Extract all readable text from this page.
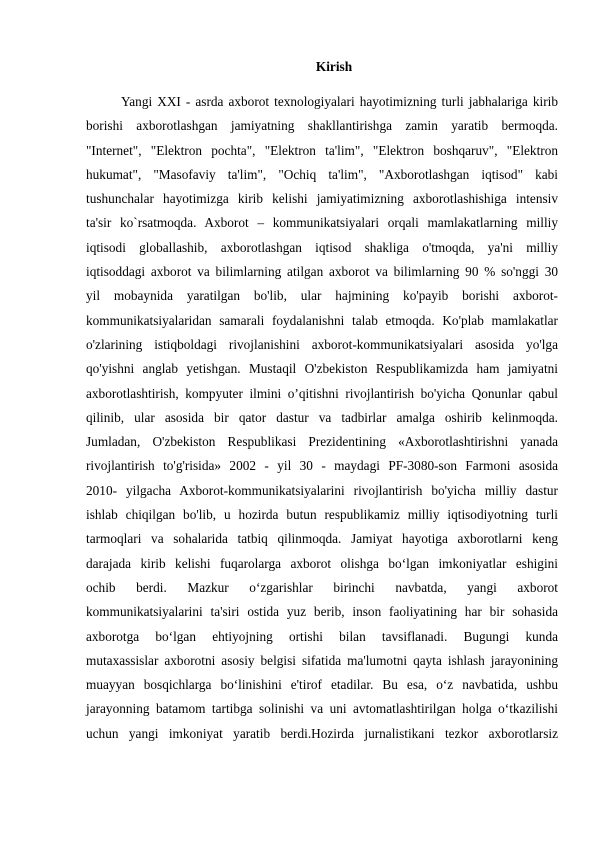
Kirish
Yangi XXI - asrda axborot texnologiyalari hayotimizning turli jabhalariga kirib
borishi axborotlashgan jamiyatning shakllantirishga zamin yaratib bermoqda.
"Internet", "Elektron pochta", "Elektron ta'lim", "Elektron boshqaruv", "Elektron
hukumat", "Masofaviy ta'lim", "Ochiq ta'lim", "Axborotlashgan iqtisod" kabi
tushunchalar hayotimizga kirib kelishi jamiyatimizning axborotlashishiga intensiv
ta'sir ko`rsatmoqda. Axborot – kommunikatsiyalari orqali mamlakatlarning milliy
iqtisodi globallashib, axborotlashgan iqtisod shakliga o'tmoqda, ya'ni milliy
iqtisoddagi axborot va bilimlarning atilgan axborot va bilimlarning 90 % so'nggi 30
yil mobaynida yaratilgan bo'lib, ular hajmining ko'payib borishi axborot-
kommunikatsiyalaridan samarali foydalanishni talab etmoqda. Ko'plab mamlakatlar
o'zlarining istiqboldagi rivojlanishini axborot-kommunikatsiyalari asosida yo'lga
qo'yishni anglab yetishgan. Mustaqil O'zbekiston Respublikamizda ham jamiyatni
axborotlashtirish, kompyuter ilmini o’qitishni rivojlantirish bo'yicha Qonunlar qabul
qilinib, ular asosida bir qator dastur va tadbirlar amalga oshirib kelinmoqda.
Jumladan, O'zbekiston Respublikasi Prezidentining «Axborotlashtirishni yanada
rivojlantirish to'g'risida» 2002 - yil 30 - maydagi PF-3080-son Farmoni asosida
2010- yilgacha Axborot-kommunikatsiyalarini rivojlantirish bo'yicha milliy dastur
ishlab chiqilgan bo'lib, u hozirda butun respublikamiz milliy iqtisodiyotning turli
tarmoqlari va sohalarida tatbiq qilinmoqda. Jamiyat hayotiga axborotlarni keng
darajada kirib kelishi fuqarolarga axborot olishga bo‘lgan imkoniyatlar eshigini
ochib berdi. Mazkur o‘zgarishlar birinchi navbatda, yangi axborot
kommunikatsiyalarini ta'siri ostida yuz berib, inson faoliyatining har bir sohasida
axborotga bo‘lgan ehtiyojning ortishi bilan tavsiflanadi. Bugungi kunda
mutaxassislar axborotni asosiy belgisi sifatida ma'lumotni qayta ishlash jarayonining
muayyan bosqichlarga bo‘linishini e'tirof etadilar. Bu esa, o‘z navbatida, ushbu
jarayonning batamom tartibga solinishi va uni avtomatlashtirilgan holga o‘tkazilishi
uchun yangi imkoniyat yaratib berdi.Hozirda jurnalistikani tezkor axborotlarsiz
